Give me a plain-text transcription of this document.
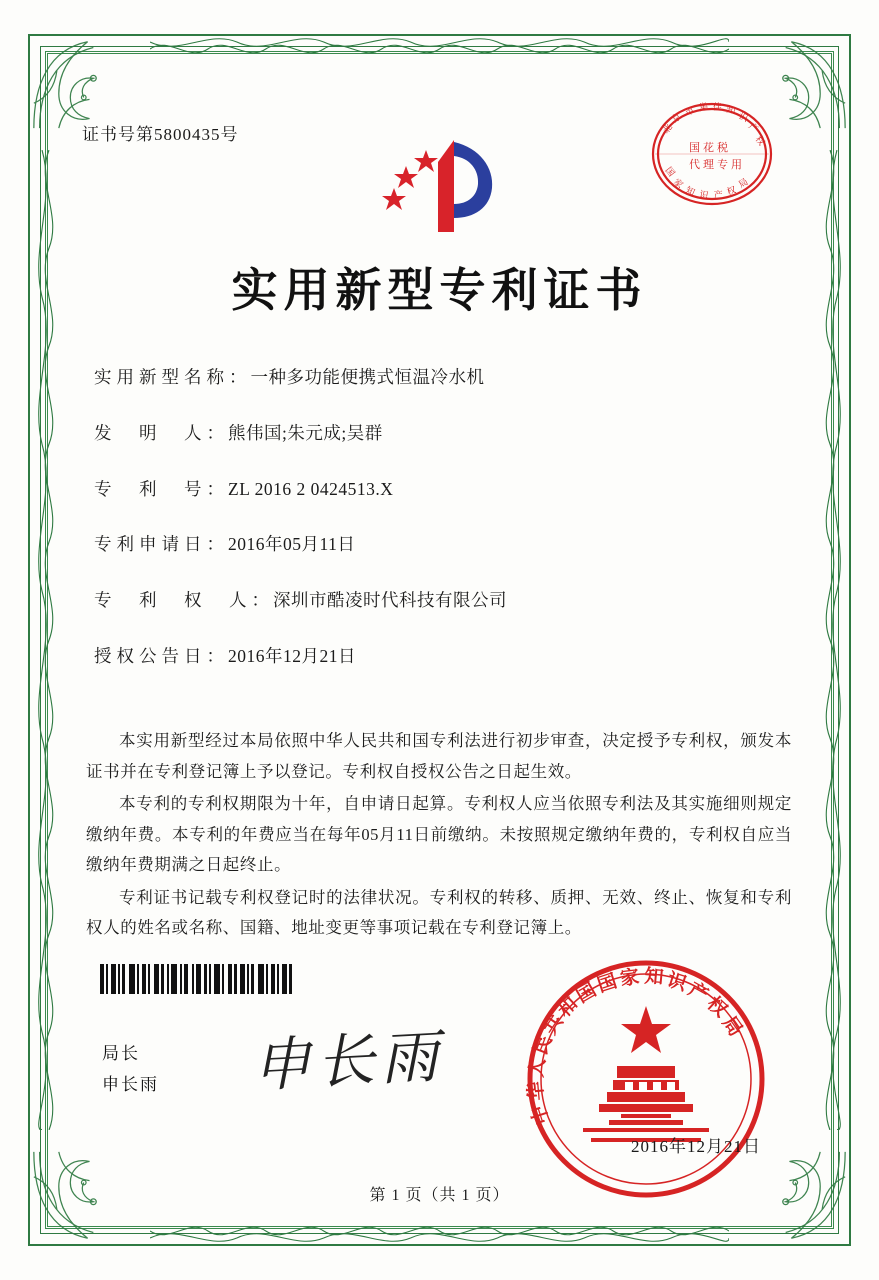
证书号第5800435号	北
京 市 集 佳 知
识
产
权
国
家
知 识 产 权
局
国 花 税
代 理 专 用
实用新型专利证书
实用新型名称： 一种多功能便携式恒温冷水机
发　明　人： 熊伟国;朱元成;吴群
专　利　号： ZL 2016 2 0424513.X
专利申请日： 2016年05月11日
专　利　权　人： 深圳市酷凌时代科技有限公司
授权公告日： 2016年12月21日

本实用新型经过本局依照中华人民共和国专利法进行初步审查，决定授予专利权，颁发本证书并在专利登记簿上予以登记。专利权自授权公告之日起生效。

本专利的专利权期限为十年，自申请日起算。专利权人应当依照专利法及其实施细则规定缴纳年费。本专利的年费应当在每年05月11日前缴纳。未按照规定缴纳年费的，专利权自应当缴纳年费期满之日起终止。

专利证书记载专利权登记时的法律状况。专利权的转移、质押、无效、终止、恢复和专利权人的姓名或名称、国籍、地址变更等事项记载在专利登记簿上。

局长
申长雨 申长雨
中
华
人
民
共
和
国
国 家 知 识
产
权
局
2016年12月21日
第 1 页（共 1 页）
